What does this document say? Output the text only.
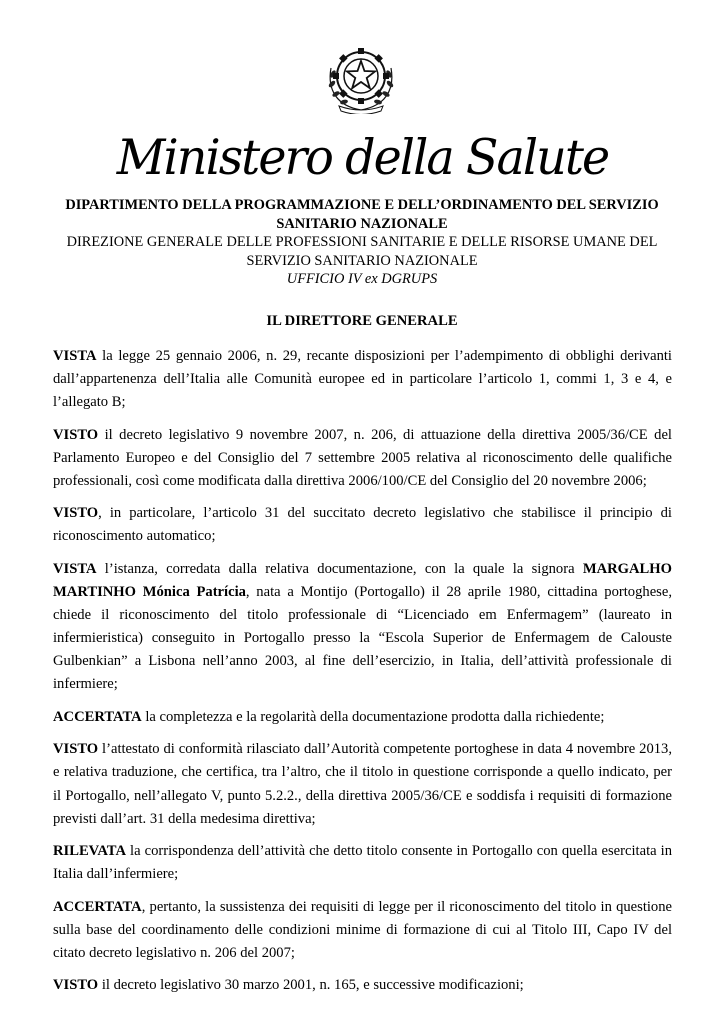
Ministero della Salute
DIPARTIMENTO DELLA PROGRAMMAZIONE E DELL’ORDINAMENTO DEL SERVIZIO SANITARIO NAZIONALE
DIREZIONE GENERALE DELLE PROFESSIONI SANITARIE E DELLE RISORSE UMANE DEL SERVIZIO SANITARIO NAZIONALE
UFFICIO IV ex DGRUPS
IL DIRETTORE GENERALE

VISTA la legge 25 gennaio 2006, n. 29, recante disposizioni per l’adempimento di obblighi derivanti dall’appartenenza dell’Italia alle Comunità europee ed in particolare l’articolo 1, commi 1, 3 e 4, e l’allegato B;

VISTO il decreto legislativo 9 novembre 2007, n. 206, di attuazione della direttiva 2005/36/CE del Parlamento Europeo e del Consiglio del 7 settembre 2005 relativa al riconoscimento delle qualifiche professionali, così come modificata dalla direttiva 2006/100/CE del Consiglio del 20 novembre 2006;

VISTO, in particolare, l’articolo 31 del succitato decreto legislativo che stabilisce il principio di riconoscimento automatico;

VISTA l’istanza, corredata dalla relativa documentazione, con la quale la signora MARGALHO MARTINHO Mónica Patrícia, nata a Montijo (Portogallo) il 28 aprile 1980, cittadina portoghese, chiede il riconoscimento del titolo professionale di “Licenciado em Enfermagem” (laureato in infermieristica) conseguito in Portogallo presso la “Escola Superior de Enfermagem de Calouste Gulbenkian” a Lisbona nell’anno 2003, al fine dell’esercizio, in Italia, dell’attività professionale di infermiere;

ACCERTATA la completezza e la regolarità della documentazione prodotta dalla richiedente;

VISTO l’attestato di conformità rilasciato dall’Autorità competente portoghese in data 4 novembre 2013, e relativa traduzione, che certifica, tra l’altro, che il titolo in questione corrisponde a quello indicato, per il Portogallo, nell’allegato V, punto 5.2.2., della direttiva 2005/36/CE e soddisfa i requisiti di formazione previsti dall’art. 31 della medesima direttiva;

RILEVATA la corrispondenza dell’attività che detto titolo consente in Portogallo con quella esercitata in Italia dall’infermiere;

ACCERTATA, pertanto, la sussistenza dei requisiti di legge per il riconoscimento del titolo in questione sulla base del coordinamento delle condizioni minime di formazione di cui al Titolo III, Capo IV del citato decreto legislativo n. 206 del 2007;

VISTO il decreto legislativo 30 marzo 2001, n. 165, e successive modificazioni;
